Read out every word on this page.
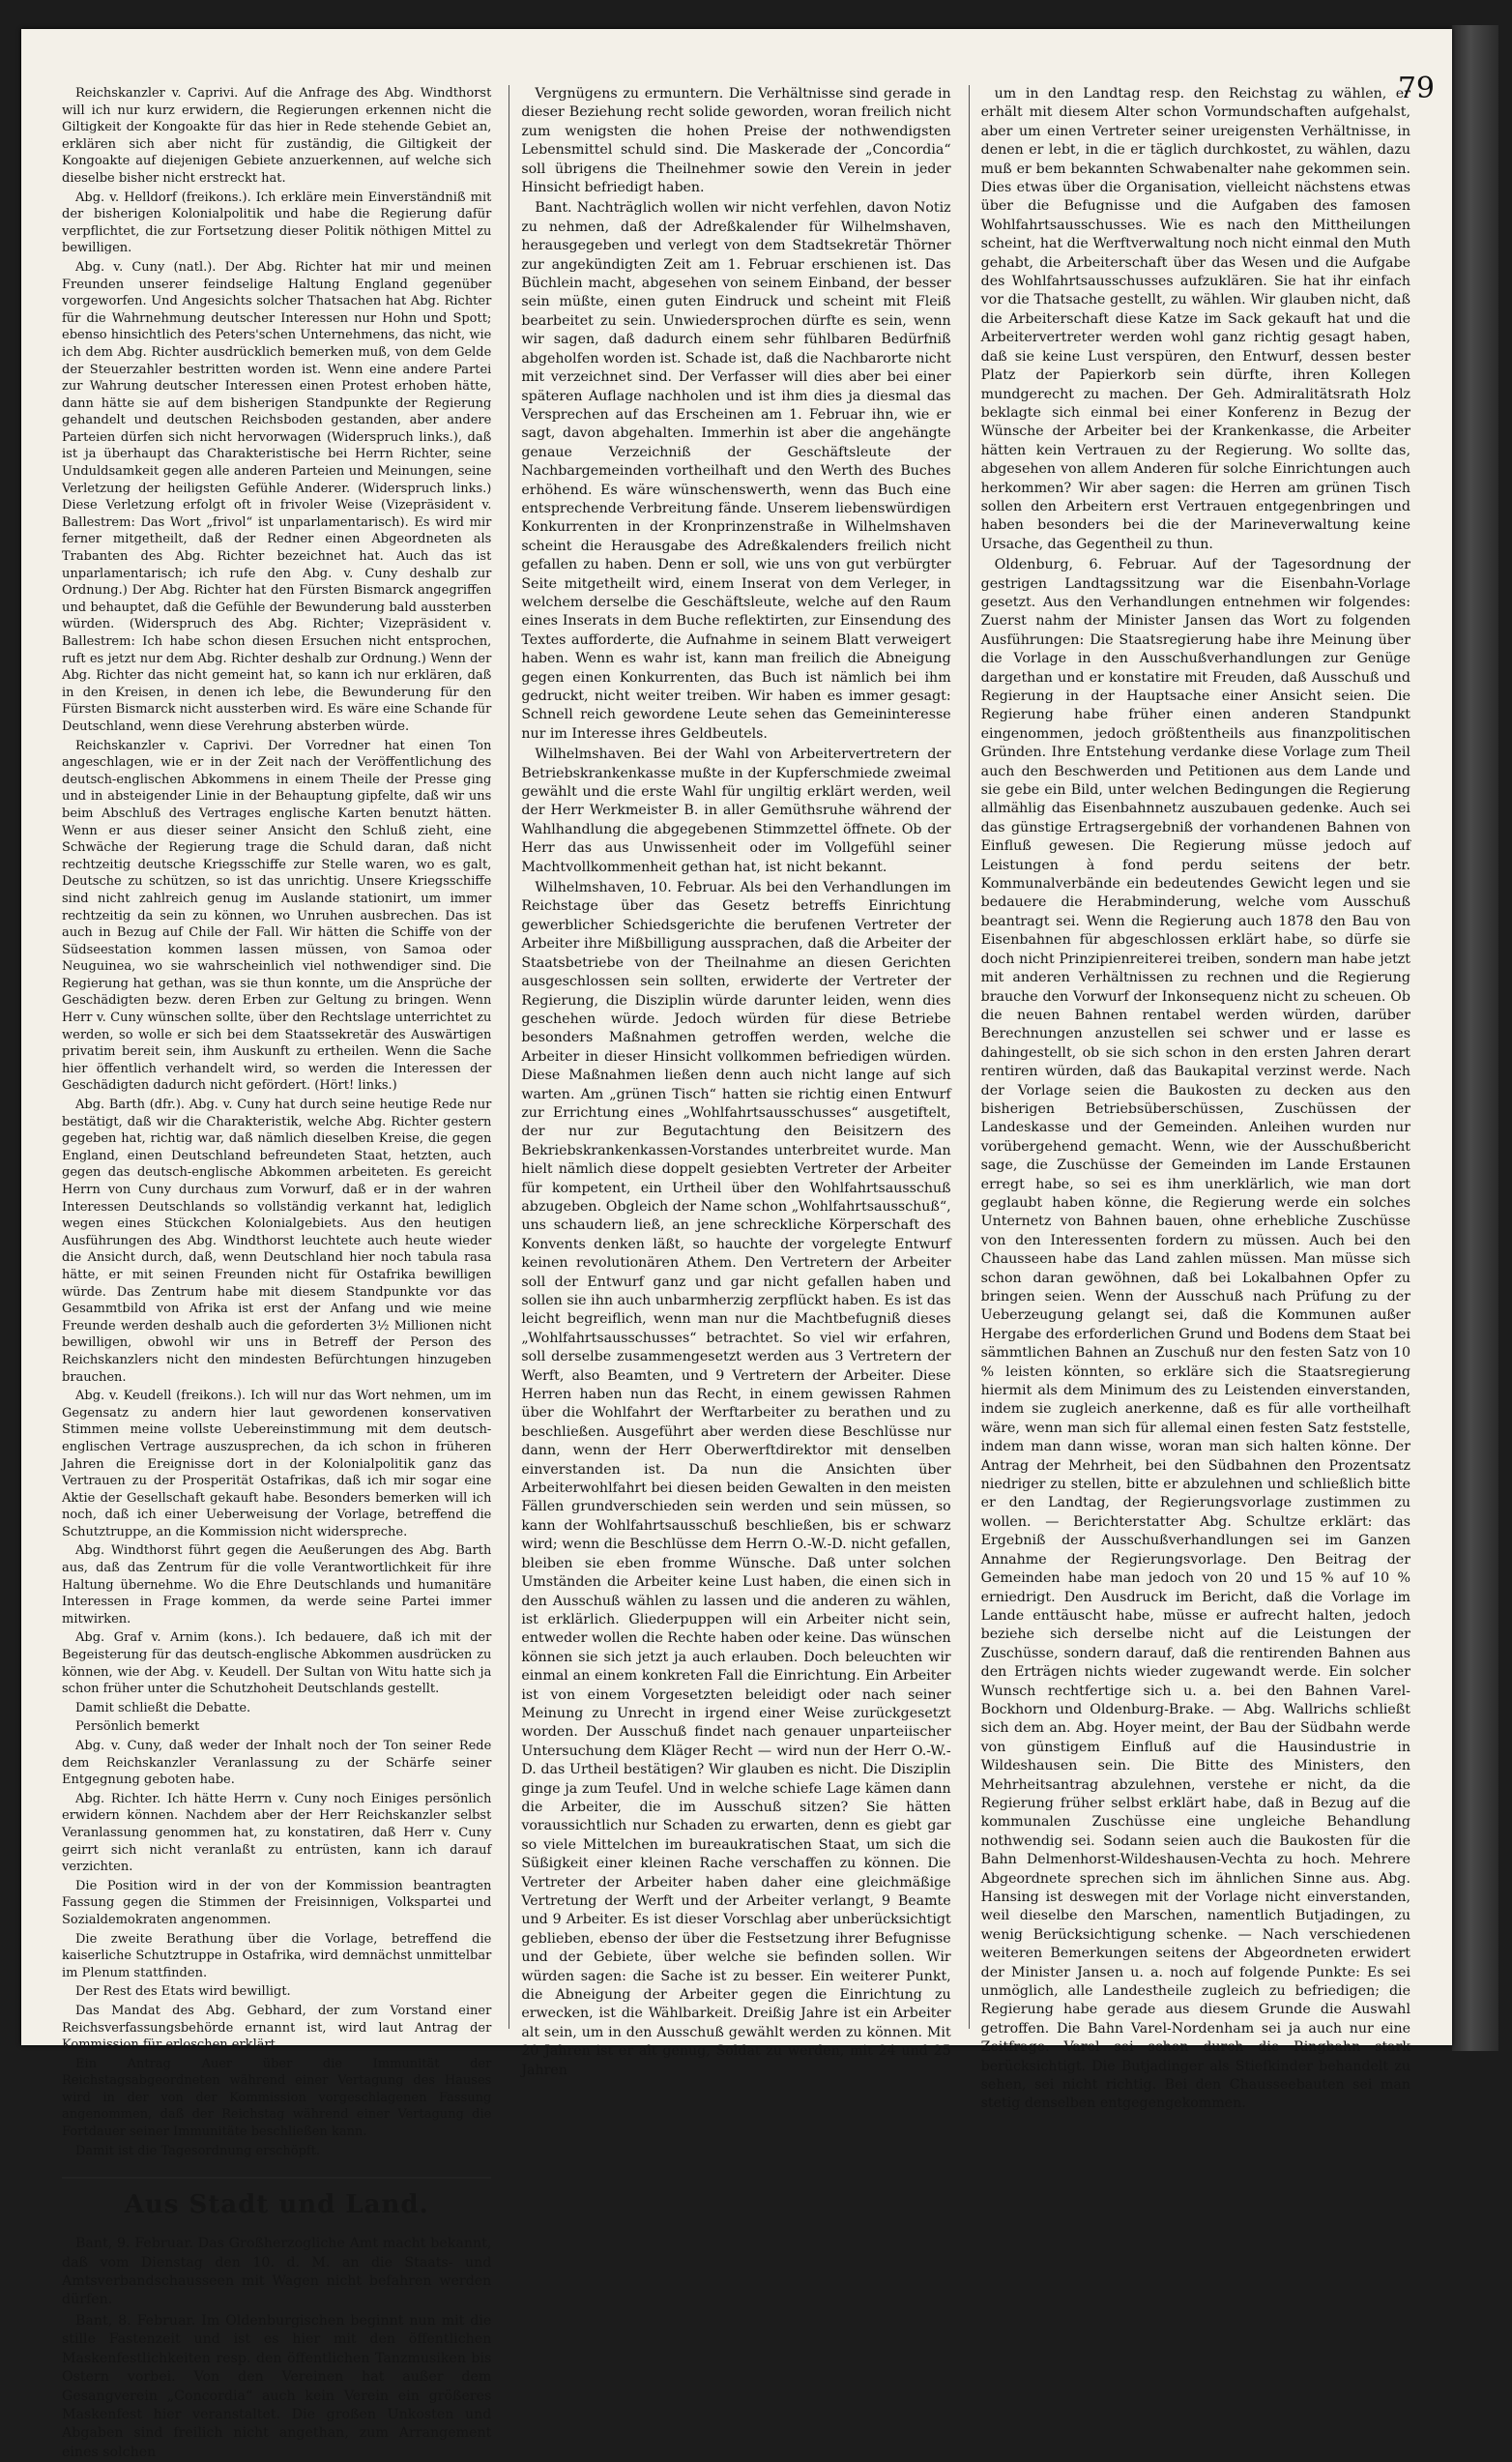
79

Reichskanzler v. Caprivi. Auf die Anfrage des Abg. Windthorst will ich nur kurz erwidern, die Regierungen erkennen nicht die Giltigkeit der Kongoakte für das hier in Rede stehende Gebiet an, erklären sich aber nicht für zuständig, die Giltigkeit der Kongoakte auf diejenigen Gebiete anzuerkennen, auf welche sich dieselbe bisher nicht erstreckt hat.

Abg. v. Helldorf (freikons.). Ich erkläre mein Einverständniß mit der bisherigen Kolonialpolitik und habe die Regierung dafür verpflichtet, die zur Fortsetzung dieser Politik nöthigen Mittel zu bewilligen.

Abg. v. Cuny (natl.). Der Abg. Richter hat mir und meinen Freunden unserer feindselige Haltung England gegenüber vorgeworfen. Und Angesichts solcher Thatsachen hat Abg. Richter für die Wahrnehmung deutscher Interessen nur Hohn und Spott; ebenso hinsichtlich des Peters'schen Unternehmens, das nicht, wie ich dem Abg. Richter ausdrücklich bemerken muß, von dem Gelde der Steuerzahler bestritten worden ist. Wenn eine andere Partei zur Wahrung deutscher Interessen einen Protest erhoben hätte, dann hätte sie auf dem bisherigen Standpunkte der Regierung gehandelt und deutschen Reichsboden gestanden, aber andere Parteien dürfen sich nicht hervorwagen (Widerspruch links.), daß ist ja überhaupt das Charakteristische bei Herrn Richter, seine Unduldsamkeit gegen alle anderen Parteien und Meinungen, seine Verletzung der heiligsten Gefühle Anderer. (Widerspruch links.) Diese Verletzung erfolgt oft in frivoler Weise (Vizepräsident v. Ballestrem: Das Wort „frivol“ ist unparlamentarisch). Es wird mir ferner mitgetheilt, daß der Redner einen Abgeordneten als Trabanten des Abg. Richter bezeichnet hat. Auch das ist unparlamentarisch; ich rufe den Abg. v. Cuny deshalb zur Ordnung.) Der Abg. Richter hat den Fürsten Bismarck angegriffen und behauptet, daß die Gefühle der Bewunderung bald aussterben würden. (Widerspruch des Abg. Richter; Vizepräsident v. Ballestrem: Ich habe schon diesen Ersuchen nicht entsprochen, ruft es jetzt nur dem Abg. Richter deshalb zur Ordnung.) Wenn der Abg. Richter das nicht gemeint hat, so kann ich nur erklären, daß in den Kreisen, in denen ich lebe, die Bewunderung für den Fürsten Bismarck nicht aussterben wird. Es wäre eine Schande für Deutschland, wenn diese Verehrung absterben würde.

Reichskanzler v. Caprivi. Der Vorredner hat einen Ton angeschlagen, wie er in der Zeit nach der Veröffentlichung des deutsch-englischen Abkommens in einem Theile der Presse ging und in absteigender Linie in der Behauptung gipfelte, daß wir uns beim Abschluß des Vertrages englische Karten benutzt hätten. Wenn er aus dieser seiner Ansicht den Schluß zieht, eine Schwäche der Regierung trage die Schuld daran, daß nicht rechtzeitig deutsche Kriegsschiffe zur Stelle waren, wo es galt, Deutsche zu schützen, so ist das unrichtig. Unsere Kriegsschiffe sind nicht zahlreich genug im Auslande stationirt, um immer rechtzeitig da sein zu können, wo Unruhen ausbrechen. Das ist auch in Bezug auf Chile der Fall. Wir hätten die Schiffe von der Südseestation kommen lassen müssen, von Samoa oder Neuguinea, wo sie wahrscheinlich viel nothwendiger sind. Die Regierung hat gethan, was sie thun konnte, um die Ansprüche der Geschädigten bezw. deren Erben zur Geltung zu bringen. Wenn Herr v. Cuny wünschen sollte, über den Rechtslage unterrichtet zu werden, so wolle er sich bei dem Staatssekretär des Auswärtigen privatim bereit sein, ihm Auskunft zu ertheilen. Wenn die Sache hier öffentlich verhandelt wird, so werden die Interessen der Geschädigten dadurch nicht gefördert. (Hört! links.)

Abg. Barth (dfr.). Abg. v. Cuny hat durch seine heutige Rede nur bestätigt, daß wir die Charakteristik, welche Abg. Richter gestern gegeben hat, richtig war, daß nämlich dieselben Kreise, die gegen England, einen Deutschland befreundeten Staat, hetzten, auch gegen das deutsch-englische Abkommen arbeiteten. Es gereicht Herrn von Cuny durchaus zum Vorwurf, daß er in der wahren Interessen Deutschlands so vollständig verkannt hat, lediglich wegen eines Stückchen Kolonialgebiets. Aus den heutigen Ausführungen des Abg. Windthorst leuchtete auch heute wieder die Ansicht durch, daß, wenn Deutschland hier noch tabula rasa hätte, er mit seinen Freunden nicht für Ostafrika bewilligen würde. Das Zentrum habe mit diesem Standpunkte vor das Gesammtbild von Afrika ist erst der Anfang und wie meine Freunde werden deshalb auch die geforderten 3½ Millionen nicht bewilligen, obwohl wir uns in Betreff der Person des Reichskanzlers nicht den mindesten Befürchtungen hinzugeben brauchen.

Abg. v. Keudell (freikons.). Ich will nur das Wort nehmen, um im Gegensatz zu andern hier laut gewordenen konservativen Stimmen meine vollste Uebereinstimmung mit dem deutsch-englischen Vertrage auszusprechen, da ich schon in früheren Jahren die Ereignisse dort in der Kolonialpolitik ganz das Vertrauen zu der Prosperität Ostafrikas, daß ich mir sogar eine Aktie der Gesellschaft gekauft habe. Besonders bemerken will ich noch, daß ich einer Ueberweisung der Vorlage, betreffend die Schutztruppe, an die Kommission nicht widerspreche.

Abg. Windthorst führt gegen die Aeußerungen des Abg. Barth aus, daß das Zentrum für die volle Verantwortlichkeit für ihre Haltung übernehme. Wo die Ehre Deutschlands und humanitäre Interessen in Frage kommen, da werde seine Partei immer mitwirken.

Abg. Graf v. Arnim (kons.). Ich bedauere, daß ich mit der Begeisterung für das deutsch-englische Abkommen ausdrücken zu können, wie der Abg. v. Keudell. Der Sultan von Witu hatte sich ja schon früher unter die Schutzhoheit Deutschlands gestellt.

Damit schließt die Debatte.

Persönlich bemerkt

Abg. v. Cuny, daß weder der Inhalt noch der Ton seiner Rede dem Reichskanzler Veranlassung zu der Schärfe seiner Entgegnung geboten habe.

Abg. Richter. Ich hätte Herrn v. Cuny noch Einiges persönlich erwidern können. Nachdem aber der Herr Reichskanzler selbst Veranlassung genommen hat, zu konstatiren, daß Herr v. Cuny geirrt sich nicht veranlaßt zu entrüsten, kann ich darauf verzichten.

Die Position wird in der von der Kommission beantragten Fassung gegen die Stimmen der Freisinnigen, Volkspartei und Sozialdemokraten angenommen.

Die zweite Berathung über die Vorlage, betreffend die kaiserliche Schutztruppe in Ostafrika, wird demnächst unmittelbar im Plenum stattfinden.

Der Rest des Etats wird bewilligt.

Das Mandat des Abg. Gebhard, der zum Vorstand einer Reichsverfassungsbehörde ernannt ist, wird laut Antrag der Kommission für erloschen erklärt.

Ein Antrag Auer über die Immunität der Reichstagsabgeordneten während einer Vertagung des Hauses wird in der von der Kommission vorgeschlagenen Fassung angenommen, daß der Reichstag während einer Vertagung die Fortdauer seiner Immunitäte beschließen kann.

Damit ist die Tagesordnung erschöpft.

Aus Stadt und Land.

Bant, 9. Februar. Das Großherzogliche Amt macht bekannt, daß vom Dienstag den 10. d. M. an die Staats- und Amtsverbandschausseen mit Wagen nicht befahren werden dürfen.

Bant, 8. Februar. Im Oldenburgischen beginnt nun mit die stille Fastenzeit und ist es hier mit den öffentlichen Maskenfestlichkeiten resp. den öffentlichen Tanzmusiken bis Ostern vorbei. Von den Vereinen hat außer dem Gesangverein „Concordia“ auch kein Verein ein größeres Maskenfest hier veranstaltet. Die großen Unkosten und Abgaben sind freilich nicht angethan, zum Arrangement eines solchen

Vergnügens zu ermuntern. Die Verhältnisse sind gerade in dieser Beziehung recht solide geworden, woran freilich nicht zum wenigsten die hohen Preise der nothwendigsten Lebensmittel schuld sind. Die Maskerade der „Concordia“ soll übrigens die Theilnehmer sowie den Verein in jeder Hinsicht befriedigt haben.

Bant. Nachträglich wollen wir nicht verfehlen, davon Notiz zu nehmen, daß der Adreßkalender für Wilhelmshaven, herausgegeben und verlegt von dem Stadtsekretär Thörner zur angekündigten Zeit am 1. Februar erschienen ist. Das Büchlein macht, abgesehen von seinem Einband, der besser sein müßte, einen guten Eindruck und scheint mit Fleiß bearbeitet zu sein. Unwiedersprochen dürfte es sein, wenn wir sagen, daß dadurch einem sehr fühlbaren Bedürfniß abgeholfen worden ist. Schade ist, daß die Nachbarorte nicht mit verzeichnet sind. Der Verfasser will dies aber bei einer späteren Auflage nachholen und ist ihm dies ja diesmal das Versprechen auf das Erscheinen am 1. Februar ihn, wie er sagt, davon abgehalten. Immerhin ist aber die angehängte genaue Verzeichniß der Geschäftsleute der Nachbargemeinden vortheilhaft und den Werth des Buches erhöhend. Es wäre wünschenswerth, wenn das Buch eine entsprechende Verbreitung fände. Unserem liebenswürdigen Konkurrenten in der Kronprinzenstraße in Wilhelmshaven scheint die Herausgabe des Adreßkalenders freilich nicht gefallen zu haben. Denn er soll, wie uns von gut verbürgter Seite mitgetheilt wird, einem Inserat von dem Verleger, in welchem derselbe die Geschäftsleute, welche auf den Raum eines Inserats in dem Buche reflektirten, zur Einsendung des Textes aufforderte, die Aufnahme in seinem Blatt verweigert haben. Wenn es wahr ist, kann man freilich die Abneigung gegen einen Konkurrenten, das Buch ist nämlich bei ihm gedruckt, nicht weiter treiben. Wir haben es immer gesagt: Schnell reich gewordene Leute sehen das Gemeininteresse nur im Interesse ihres Geldbeutels.

Wilhelmshaven. Bei der Wahl von Arbeitervertretern der Betriebskrankenkasse mußte in der Kupferschmiede zweimal gewählt und die erste Wahl für ungiltig erklärt werden, weil der Herr Werkmeister B. in aller Gemüthsruhe während der Wahlhandlung die abgegebenen Stimmzettel öffnete. Ob der Herr das aus Unwissenheit oder im Vollgefühl seiner Machtvollkommenheit gethan hat, ist nicht bekannt.

Wilhelmshaven, 10. Februar. Als bei den Verhandlungen im Reichstage über das Gesetz betreffs Einrichtung gewerblicher Schiedsgerichte die berufenen Vertreter der Arbeiter ihre Mißbilligung aussprachen, daß die Arbeiter der Staatsbetriebe von der Theilnahme an diesen Gerichten ausgeschlossen sein sollten, erwiderte der Vertreter der Regierung, die Disziplin würde darunter leiden, wenn dies geschehen würde. Jedoch würden für diese Betriebe besonders Maßnahmen getroffen werden, welche die Arbeiter in dieser Hinsicht vollkommen befriedigen würden. Diese Maßnahmen ließen denn auch nicht lange auf sich warten. Am „grünen Tisch“ hatten sie richtig einen Entwurf zur Errichtung eines „Wohlfahrtsausschusses“ ausgetiftelt, der nur zur Begutachtung den Beisitzern des Bekriebskrankenkassen-Vorstandes unterbreitet wurde. Man hielt nämlich diese doppelt gesiebten Vertreter der Arbeiter für kompetent, ein Urtheil über den Wohlfahrtsausschuß abzugeben. Obgleich der Name schon „Wohlfahrtsausschuß“, uns schaudern ließ, an jene schreckliche Körperschaft des Konvents denken läßt, so hauchte der vorgelegte Entwurf keinen revolutionären Athem. Den Vertretern der Arbeiter soll der Entwurf ganz und gar nicht gefallen haben und sollen sie ihn auch unbarmherzig zerpflückt haben. Es ist das leicht begreiflich, wenn man nur die Machtbefugniß dieses „Wohlfahrtsausschusses“ betrachtet. So viel wir erfahren, soll derselbe zusammengesetzt werden aus 3 Vertretern der Werft, also Beamten, und 9 Vertretern der Arbeiter. Diese Herren haben nun das Recht, in einem gewissen Rahmen über die Wohlfahrt der Werftarbeiter zu berathen und zu beschließen. Ausgeführt aber werden diese Beschlüsse nur dann, wenn der Herr Oberwerftdirektor mit denselben einverstanden ist. Da nun die Ansichten über Arbeiterwohlfahrt bei diesen beiden Gewalten in den meisten Fällen grundverschieden sein werden und sein müssen, so kann der Wohlfahrtsausschuß beschließen, bis er schwarz wird; wenn die Beschlüsse dem Herrn O.-W.-D. nicht gefallen, bleiben sie eben fromme Wünsche. Daß unter solchen Umständen die Arbeiter keine Lust haben, die einen sich in den Ausschuß wählen zu lassen und die anderen zu wählen, ist erklärlich. Gliederpuppen will ein Arbeiter nicht sein, entweder wollen die Rechte haben oder keine. Das wünschen können sie sich jetzt ja auch erlauben. Doch beleuchten wir einmal an einem konkreten Fall die Einrichtung. Ein Arbeiter ist von einem Vorgesetzten beleidigt oder nach seiner Meinung zu Unrecht in irgend einer Weise zurückgesetzt worden. Der Ausschuß findet nach genauer unparteiischer Untersuchung dem Kläger Recht — wird nun der Herr O.-W.-D. das Urtheil bestätigen? Wir glauben es nicht. Die Disziplin ginge ja zum Teufel. Und in welche schiefe Lage kämen dann die Arbeiter, die im Ausschuß sitzen? Sie hätten voraussichtlich nur Schaden zu erwarten, denn es giebt gar so viele Mittelchen im bureaukratischen Staat, um sich die Süßigkeit einer kleinen Rache verschaffen zu können. Die Vertreter der Arbeiter haben daher eine gleichmäßige Vertretung der Werft und der Arbeiter verlangt, 9 Beamte und 9 Arbeiter. Es ist dieser Vorschlag aber unberücksichtigt geblieben, ebenso der über die Festsetzung ihrer Befugnisse und der Gebiete, über welche sie befinden sollen. Wir würden sagen: die Sache ist zu besser. Ein weiterer Punkt, die Abneigung der Arbeiter gegen die Einrichtung zu erwecken, ist die Wählbarkeit. Dreißig Jahre ist ein Arbeiter alt sein, um in den Ausschuß gewählt werden zu können. Mit 20 Jahren ist er alt genug, Soldat zu werden, mit 24 und 25 Jahren

um in den Landtag resp. den Reichstag zu wählen, er erhält mit diesem Alter schon Vormundschaften aufgehalst, aber um einen Vertreter seiner ureigensten Verhältnisse, in denen er lebt, in die er täglich durchkostet, zu wählen, dazu muß er bem bekannten Schwabenalter nahe gekommen sein. Dies etwas über die Organisation, vielleicht nächstens etwas über die Befugnisse und die Aufgaben des famosen Wohlfahrtsausschusses. Wie es nach den Mittheilungen scheint, hat die Werftverwaltung noch nicht einmal den Muth gehabt, die Arbeiterschaft über das Wesen und die Aufgabe des Wohlfahrtsausschusses aufzuklären. Sie hat ihr einfach vor die Thatsache gestellt, zu wählen. Wir glauben nicht, daß die Arbeiterschaft diese Katze im Sack gekauft hat und die Arbeitervertreter werden wohl ganz richtig gesagt haben, daß sie keine Lust verspüren, den Entwurf, dessen bester Platz der Papierkorb sein dürfte, ihren Kollegen mundgerecht zu machen. Der Geh. Admiralitätsrath Holz beklagte sich einmal bei einer Konferenz in Bezug der Wünsche der Arbeiter bei der Krankenkasse, die Arbeiter hätten kein Vertrauen zu der Regierung. Wo sollte das, abgesehen von allem Anderen für solche Einrichtungen auch herkommen? Wir aber sagen: die Herren am grünen Tisch sollen den Arbeitern erst Vertrauen entgegenbringen und haben besonders bei die der Marineverwaltung keine Ursache, das Gegentheil zu thun.

Oldenburg, 6. Februar. Auf der Tagesordnung der gestrigen Landtagssitzung war die Eisenbahn-Vorlage gesetzt. Aus den Verhandlungen entnehmen wir folgendes: Zuerst nahm der Minister Jansen das Wort zu folgenden Ausführungen: Die Staatsregierung habe ihre Meinung über die Vorlage in den Ausschußverhandlungen zur Genüge dargethan und er konstatire mit Freuden, daß Ausschuß und Regierung in der Hauptsache einer Ansicht seien. Die Regierung habe früher einen anderen Standpunkt eingenommen, jedoch größtentheils aus finanzpolitischen Gründen. Ihre Entstehung verdanke diese Vorlage zum Theil auch den Beschwerden und Petitionen aus dem Lande und sie gebe ein Bild, unter welchen Bedingungen die Regierung allmählig das Eisenbahnnetz auszubauen gedenke. Auch sei das günstige Ertragsergebniß der vorhandenen Bahnen von Einfluß gewesen. Die Regierung müsse jedoch auf Leistungen à fond perdu seitens der betr. Kommunalverbände ein bedeutendes Gewicht legen und sie bedauere die Herabminderung, welche vom Ausschuß beantragt sei. Wenn die Regierung auch 1878 den Bau von Eisenbahnen für abgeschlossen erklärt habe, so dürfe sie doch nicht Prinzipienreiterei treiben, sondern man habe jetzt mit anderen Verhältnissen zu rechnen und die Regierung brauche den Vorwurf der Inkonsequenz nicht zu scheuen. Ob die neuen Bahnen rentabel werden würden, darüber Berechnungen anzustellen sei schwer und er lasse es dahingestellt, ob sie sich schon in den ersten Jahren derart rentiren würden, daß das Baukapital verzinst werde. Nach der Vorlage seien die Baukosten zu decken aus den bisherigen Betriebsüberschüssen, Zuschüssen der Landeskasse und der Gemeinden. Anleihen wurden nur vorübergehend gemacht. Wenn, wie der Ausschußbericht sage, die Zuschüsse der Gemeinden im Lande Erstaunen erregt habe, so sei es ihm unerklärlich, wie man dort geglaubt haben könne, die Regierung werde ein solches Unternetz von Bahnen bauen, ohne erhebliche Zuschüsse von den Interessenten fordern zu müssen. Auch bei den Chausseen habe das Land zahlen müssen. Man müsse sich schon daran gewöhnen, daß bei Lokalbahnen Opfer zu bringen seien. Wenn der Ausschuß nach Prüfung zu der Ueberzeugung gelangt sei, daß die Kommunen außer Hergabe des erforderlichen Grund und Bodens dem Staat bei sämmtlichen Bahnen an Zuschuß nur den festen Satz von 10 % leisten könnten, so erkläre sich die Staatsregierung hiermit als dem Minimum des zu Leistenden einverstanden, indem sie zugleich anerkenne, daß es für alle vortheilhaft wäre, wenn man sich für allemal einen festen Satz feststelle, indem man dann wisse, woran man sich halten könne. Der Antrag der Mehrheit, bei den Südbahnen den Prozentsatz niedriger zu stellen, bitte er abzulehnen und schließlich bitte er den Landtag, der Regierungsvorlage zustimmen zu wollen. — Berichterstatter Abg. Schultze erklärt: das Ergebniß der Ausschußverhandlungen sei im Ganzen Annahme der Regierungsvorlage. Den Beitrag der Gemeinden habe man jedoch von 20 und 15 % auf 10 % erniedrigt. Den Ausdruck im Bericht, daß die Vorlage im Lande enttäuscht habe, müsse er aufrecht halten, jedoch beziehe sich derselbe nicht auf die Leistungen der Zuschüsse, sondern darauf, daß die rentirenden Bahnen aus den Erträgen nichts wieder zugewandt werde. Ein solcher Wunsch rechtfertige sich u. a. bei den Bahnen Varel-Bockhorn und Oldenburg-Brake. — Abg. Wallrichs schließt sich dem an. Abg. Hoyer meint, der Bau der Südbahn werde von günstigem Einfluß auf die Hausindustrie in Wildeshausen sein. Die Bitte des Ministers, den Mehrheitsantrag abzulehnen, verstehe er nicht, da die Regierung früher selbst erklärt habe, daß in Bezug auf die kommunalen Zuschüsse eine ungleiche Behandlung nothwendig sei. Sodann seien auch die Baukosten für die Bahn Delmenhorst-Wildeshausen-Vechta zu hoch. Mehrere Abgeordnete sprechen sich im ähnlichen Sinne aus. Abg. Hansing ist deswegen mit der Vorlage nicht einverstanden, weil dieselbe den Marschen, namentlich Butjadingen, zu wenig Berücksichtigung schenke. — Nach verschiedenen weiteren Bemerkungen seitens der Abgeordneten erwidert der Minister Jansen u. a. noch auf folgende Punkte: Es sei unmöglich, alle Landestheile zugleich zu befriedigen; die Regierung habe gerade aus diesem Grunde die Auswahl getroffen. Die Bahn Varel-Nordenham sei ja auch nur eine Zeitfrage. Varel sei schon durch die Ringbahn stark berücksichtigt. Die Butjadinger als Stiefkinder behandelt zu sehen, sei nicht richtig. Bei den Chausseebauten sei man stetig denselben entgegengekommen.
